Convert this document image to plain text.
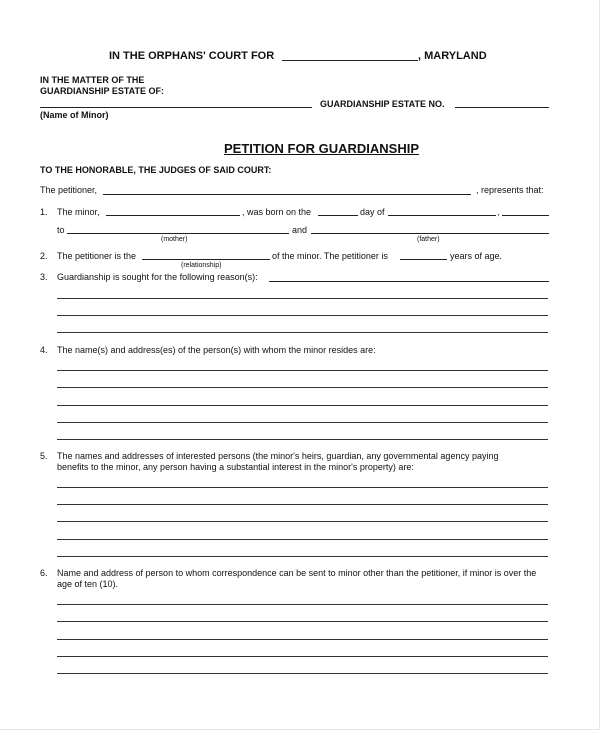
IN THE ORPHANS' COURT FOR	, MARYLAND
IN THE MATTER OF THE
GUARDIANSHIP ESTATE OF:
GUARDIANSHIP ESTATE NO.
(Name of Minor)
PETITION FOR GUARDIANSHIP
TO THE HONORABLE, THE JUDGES OF SAID COURT:
The petitioner,	, represents that:
1. The minor,	, was born on the	day of	,
to	and
(mother)	(father)
2. The petitioner is the	of the minor. The petitioner is	years of age.
(relationship)
3. Guardianship is sought for the following reason(s):
4. The name(s) and address(es) of the person(s) with whom the minor resides are:
5. The names and addresses of interested persons (the minor's heirs, guardian, any governmental agency paying benefits to the minor, any person having a substantial interest in the minor's property) are:
6. Name and address of person to whom correspondence can be sent to minor other than the petitioner, if minor is over the age of ten (10).
